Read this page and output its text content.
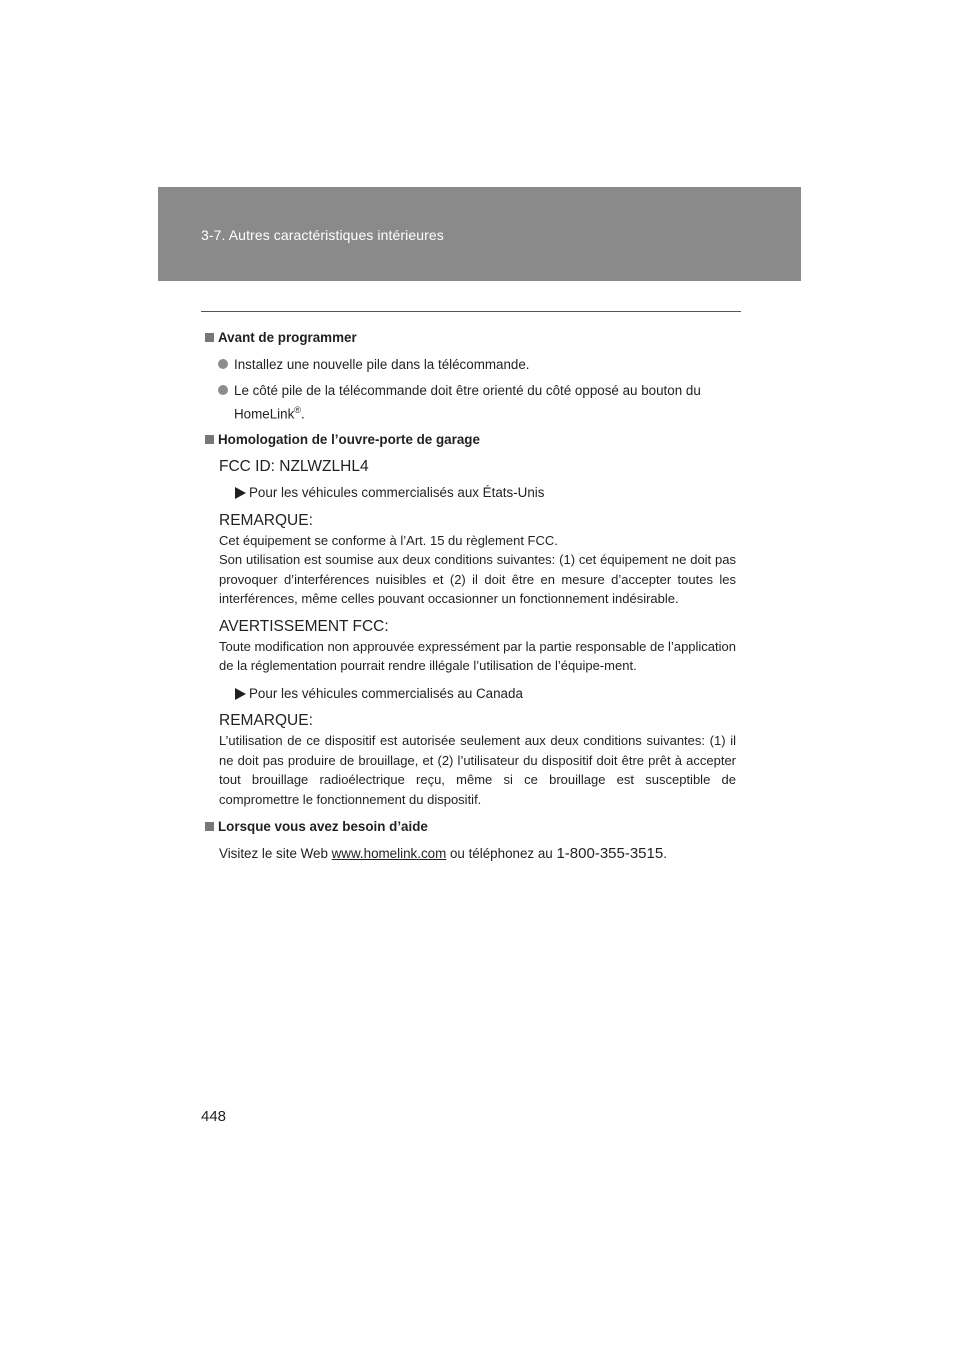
3-7. Autres caractéristiques intérieures
Avant de programmer
Installez une nouvelle pile dans la télécommande.
Le côté pile de la télécommande doit être orienté du côté opposé au bouton du
HomeLink®.
Homologation de l’ouvre-porte de garage
FCC ID: NZLWZLHL4
Pour les véhicules commercialisés aux États-Unis
REMARQUE:
Cet équipement se conforme à l’Art. 15 du règlement FCC.
Son utilisation est soumise aux deux conditions suivantes: (1) cet équipement ne doit pas provoquer d’interférences nuisibles et (2) il doit être en mesure d’accepter toutes les interférences, même celles pouvant occasionner un fonctionnement indésirable.
AVERTISSEMENT FCC:
Toute modification non approuvée expressément par la partie responsable de l’application de la réglementation pourrait rendre illégale l’utilisation de l’équipe-ment.
Pour les véhicules commercialisés au Canada
REMARQUE:
L’utilisation de ce dispositif est autorisée seulement aux deux conditions suivantes: (1) il ne doit pas produire de brouillage, et (2) l’utilisateur du dispositif doit être prêt à accepter tout brouillage radioélectrique reçu, même si ce brouillage est susceptible de compromettre le fonctionnement du dispositif.
Lorsque vous avez besoin d’aide
Visitez le site Web www.homelink.com ou téléphonez au 1-800-355-3515.
448
